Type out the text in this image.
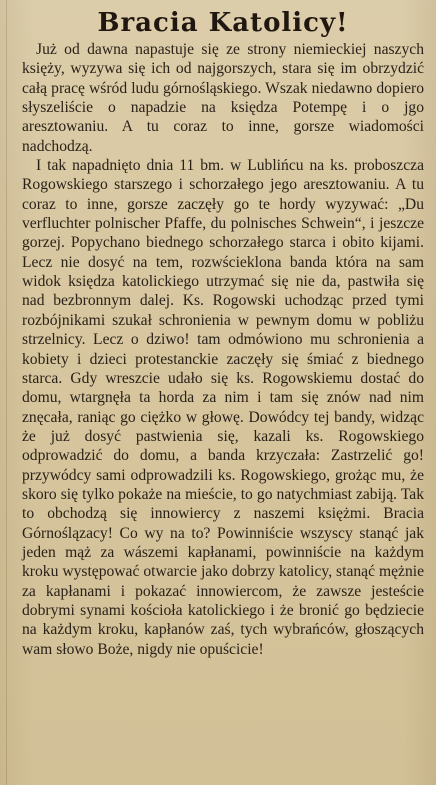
Bracia Katolicy!

Już od dawna napastuje się ze strony niemieckiej naszych księży, wyzywa się ich od najgorszych, stara się im obrzydzić całą pracę wśród ludu górnośląskiego. Wszak niedawno dopiero słyszeliście o napadzie na księdza Potempę i o jgo aresztowaniu. A tu coraz to inne, gorsze wiadomości nadchodzą.

I tak napadnięto dnia 11 bm. w Lublińcu na ks. proboszcza Rogowskiego starszego i schorzałego jego aresztowaniu. A tu coraz to inne, gorsze zaczęły go te hordy wyzywać: „Du verfluchter polnischer Pfaffe, du polnisches Schwein“, i jeszcze gorzej. Popychano biednego schorzałego starca i obito kijami. Lecz nie dosyć na tem, rozwścieklona banda która na sam widok księdza katolickiego utrzymać się nie da, pastwiła się nad bezbronnym dalej. Ks. Rogowski uchodząc przed tymi rozbójnikami szukał schronienia w pewnym domu w pobliżu strzelnicy. Lecz o dziwo! tam odmówiono mu schronienia a kobiety i dzieci protestanckie zaczęły się śmiać z biednego starca. Gdy wreszcie udało się ks. Rogowskiemu dostać do domu, wtargnęła ta horda za nim i tam się znów nad nim znęcała, raniąc go ciężko w głowę. Dowódcy tej bandy, widząc że już dosyć pastwienia się, kazali ks. Rogowskiego odprowadzić do domu, a banda krzyczała: Zastrzelić go! przywódcy sami odprowadzili ks. Rogowskiego, grożąc mu, że skoro się tylko pokaże na mieście, to go natychmiast zabiją. Tak to obchodzą się innowiercy z naszemi księżmi. Bracia Górnoślązacy! Co wy na to? Powinniście wszyscy stanąć jak jeden mąż za wászemi kapłanami, powinniście na każdym kroku występować otwarcie jako dobrzy katolicy, stanąć mężnie za kapłanami i pokazać innowiercom, że zawsze jesteście dobrymi synami kościoła katolickiego i że bronić go będziecie na każdym kroku, kapłanów zaś, tych wybrańców, głoszących wam słowo Boże, nigdy nie opuścicie!
